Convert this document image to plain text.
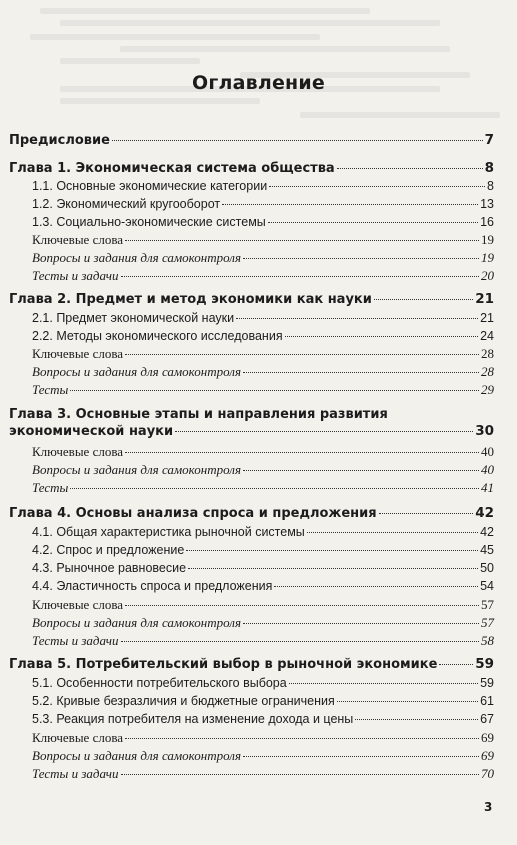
Оглавление
Предисловие	7
Глава 1. Экономическая система общества	8
1.1. Основные экономические категории	8
1.2. Экономический кругооборот	13
1.3. Социально-экономические системы	16
Ключевые слова	19
Вопросы и задания для самоконтроля	19
Тесты и задачи	20
Глава 2. Предмет и метод экономики как науки	21
2.1. Предмет экономической науки	21
2.2. Методы экономического исследования	24
Ключевые слова	28
Вопросы и задания для самоконтроля	28
Тесты	29
Глава 3. Основные этапы и направления развития
экономической науки	30
Ключевые слова	40
Вопросы и задания для самоконтроля	40
Тесты	41
Глава 4. Основы анализа спроса и предложения	42
4.1. Общая характеристика рыночной системы	42
4.2. Спрос и предложение	45
4.3. Рыночное равновесие	50
4.4. Эластичность спроса и предложения	54
Ключевые слова	57
Вопросы и задания для самоконтроля	57
Тесты и задачи	58
Глава 5. Потребительский выбор в рыночной экономике	59
5.1. Особенности потребительского выбора	59
5.2. Кривые безразличия и бюджетные ограничения	61
5.3. Реакция потребителя на изменение дохода и цены	67
Ключевые слова	69
Вопросы и задания для самоконтроля	69
Тесты и задачи	70
3
